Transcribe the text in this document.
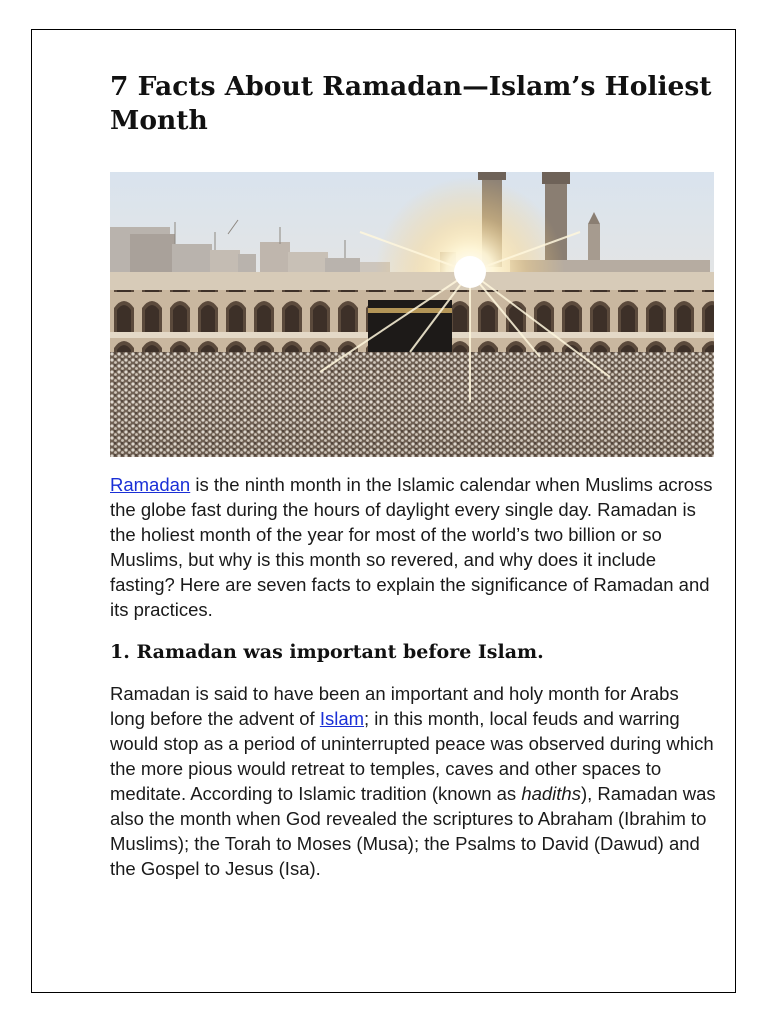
7 Facts About Ramadan—Islam’s Holiest Month

Ramadan is the ninth month in the Islamic calendar when Muslims across the globe fast during the hours of daylight every single day. Ramadan is the holiest month of the year for most of the world’s two billion or so Muslims, but why is this month so revered, and why does it include fasting? Here are seven facts to explain the significance of Ramadan and its practices.

1. Ramadan was important before Islam.

Ramadan is said to have been an important and holy month for Arabs long before the advent of Islam; in this month, local feuds and warring would stop as a period of uninterrupted peace was observed during which the more pious would retreat to temples, caves and other spaces to meditate. According to Islamic tradition (known as hadiths), Ramadan was also the month when God revealed the scriptures to Abraham (Ibrahim to Muslims); the Torah to Moses (Musa); the Psalms to David (Dawud) and the Gospel to Jesus (Isa).
